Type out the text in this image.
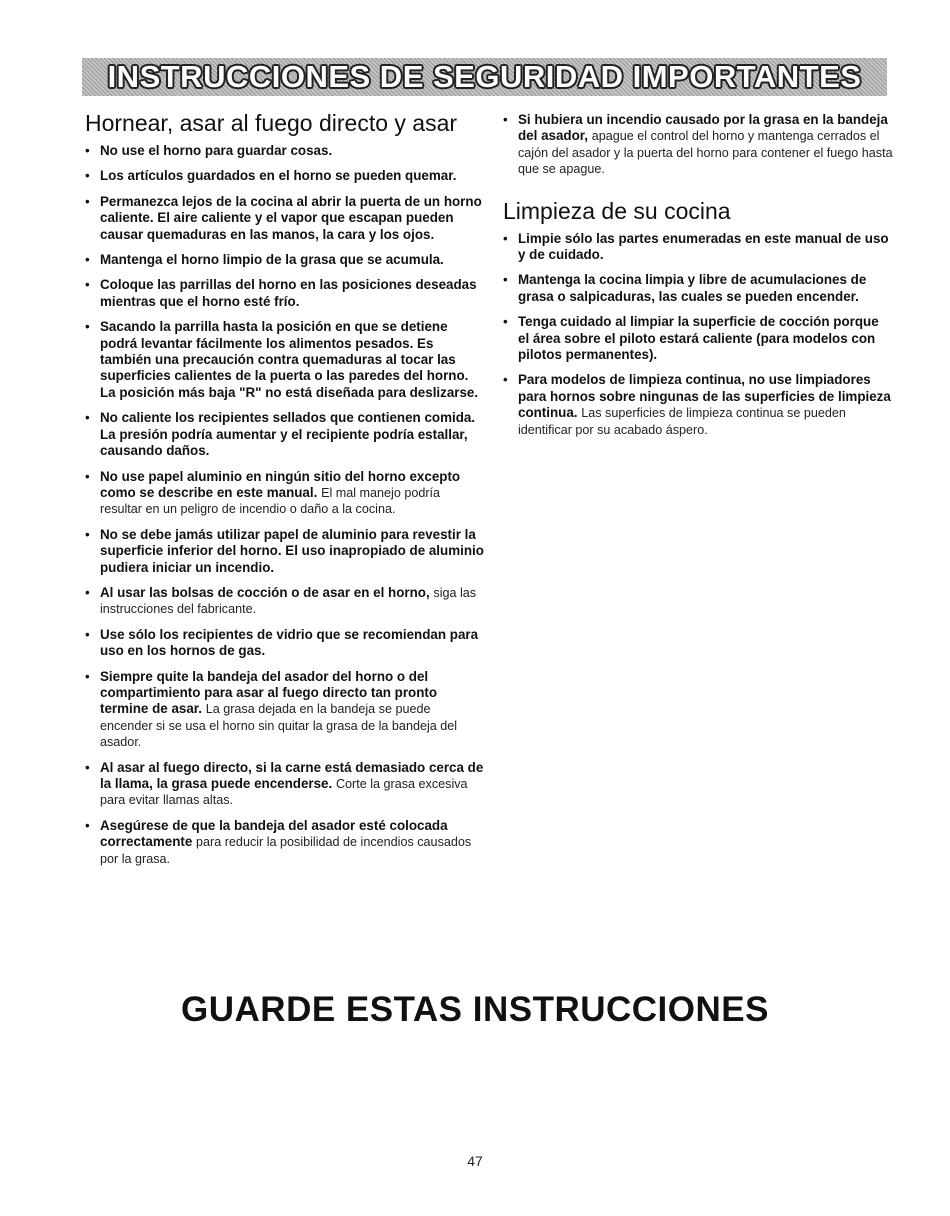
INSTRUCCIONES DE SEGURIDAD IMPORTANTES
Hornear, asar al fuego directo y asar
• No use el horno para guardar cosas.
• Los artículos guardados en el horno se pueden quemar.
• Permanezca lejos de la cocina al abrir la puerta de un horno caliente. El aire caliente y el vapor que escapan pueden causar quemaduras en las manos, la cara y los ojos.
• Mantenga el horno limpio de la grasa que se acumula.
• Coloque las parrillas del horno en las posiciones deseadas mientras que el horno esté frío.
• Sacando la parrilla hasta la posición en que se detiene podrá levantar fácilmente los alimentos pesados. Es también una precaución contra quemaduras al tocar las superficies calientes de la puerta o las paredes del horno. La posición más baja "R" no está diseñada para deslizarse.
• No caliente los recipientes sellados que contienen comida. La presión podría aumentar y el recipiente podría estallar, causando daños.
• No use papel aluminio en ningún sitio del horno excepto como se describe en este manual. El mal manejo podría resultar en un peligro de incendio o daño a la cocina.
• No se debe jamás utilizar papel de aluminio para revestir la superficie inferior del horno. El uso inapropiado de aluminio pudiera iniciar un incendio.
• Al usar las bolsas de cocción o de asar en el horno, siga las instrucciones del fabricante.
• Use sólo los recipientes de vidrio que se recomiendan para uso en los hornos de gas.
• Siempre quite la bandeja del asador del horno o del compartimiento para asar al fuego directo tan pronto termine de asar. La grasa dejada en la bandeja se puede encender si se usa el horno sin quitar la grasa de la bandeja del asador.
• Al asar al fuego directo, si la carne está demasiado cerca de la llama, la grasa puede encenderse. Corte la grasa excesiva para evitar llamas altas.
• Asegúrese de que la bandeja del asador esté colocada correctamente para reducir la posibilidad de incendios causados por la grasa.
• Si hubiera un incendio causado por la grasa en la bandeja del asador, apague el control del horno y mantenga cerrados el cajón del asador y la puerta del horno para contener el fuego hasta que se apague.
Limpieza de su cocina
• Limpie sólo las partes enumeradas en este manual de uso y de cuidado.
• Mantenga la cocina limpia y libre de acumulaciones de grasa o salpicaduras, las cuales se pueden encender.
• Tenga cuidado al limpiar la superficie de cocción porque el área sobre el piloto estará caliente (para modelos con pilotos permanentes).
• Para modelos de limpieza continua, no use limpiadores para hornos sobre ningunas de las superficies de limpieza continua. Las superficies de limpieza continua se pueden identificar por su acabado áspero.
GUARDE ESTAS INSTRUCCIONES
47
